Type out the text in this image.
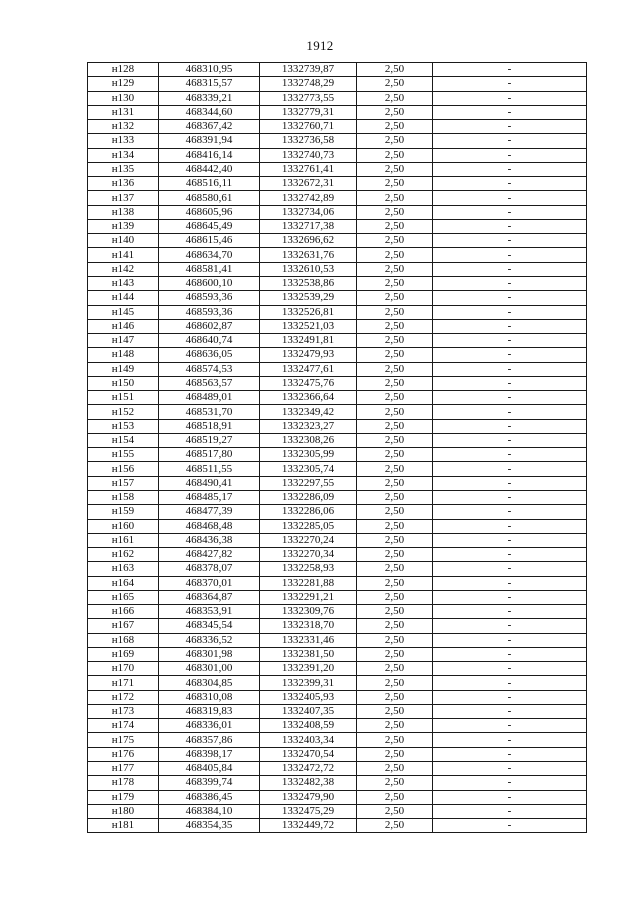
1912
н128	468310,95	1332739,87	2,50	-
н129	468315,57	1332748,29	2,50	-
н130	468339,21	1332773,55	2,50	-
н131	468344,60	1332779,31	2,50	-
н132	468367,42	1332760,71	2,50	-
н133	468391,94	1332736,58	2,50	-
н134	468416,14	1332740,73	2,50	-
н135	468442,40	1332761,41	2,50	-
н136	468516,11	1332672,31	2,50	-
н137	468580,61	1332742,89	2,50	-
н138	468605,96	1332734,06	2,50	-
н139	468645,49	1332717,38	2,50	-
н140	468615,46	1332696,62	2,50	-
н141	468634,70	1332631,76	2,50	-
н142	468581,41	1332610,53	2,50	-
н143	468600,10	1332538,86	2,50	-
н144	468593,36	1332539,29	2,50	-
н145	468593,36	1332526,81	2,50	-
н146	468602,87	1332521,03	2,50	-
н147	468640,74	1332491,81	2,50	-
н148	468636,05	1332479,93	2,50	-
н149	468574,53	1332477,61	2,50	-
н150	468563,57	1332475,76	2,50	-
н151	468489,01	1332366,64	2,50	-
н152	468531,70	1332349,42	2,50	-
н153	468518,91	1332323,27	2,50	-
н154	468519,27	1332308,26	2,50	-
н155	468517,80	1332305,99	2,50	-
н156	468511,55	1332305,74	2,50	-
н157	468490,41	1332297,55	2,50	-
н158	468485,17	1332286,09	2,50	-
н159	468477,39	1332286,06	2,50	-
н160	468468,48	1332285,05	2,50	-
н161	468436,38	1332270,24	2,50	-
н162	468427,82	1332270,34	2,50	-
н163	468378,07	1332258,93	2,50	-
н164	468370,01	1332281,88	2,50	-
н165	468364,87	1332291,21	2,50	-
н166	468353,91	1332309,76	2,50	-
н167	468345,54	1332318,70	2,50	-
н168	468336,52	1332331,46	2,50	-
н169	468301,98	1332381,50	2,50	-
н170	468301,00	1332391,20	2,50	-
н171	468304,85	1332399,31	2,50	-
н172	468310,08	1332405,93	2,50	-
н173	468319,83	1332407,35	2,50	-
н174	468336,01	1332408,59	2,50	-
н175	468357,86	1332403,34	2,50	-
н176	468398,17	1332470,54	2,50	-
н177	468405,84	1332472,72	2,50	-
н178	468399,74	1332482,38	2,50	-
н179	468386,45	1332479,90	2,50	-
н180	468384,10	1332475,29	2,50	-
н181	468354,35	1332449,72	2,50	-
